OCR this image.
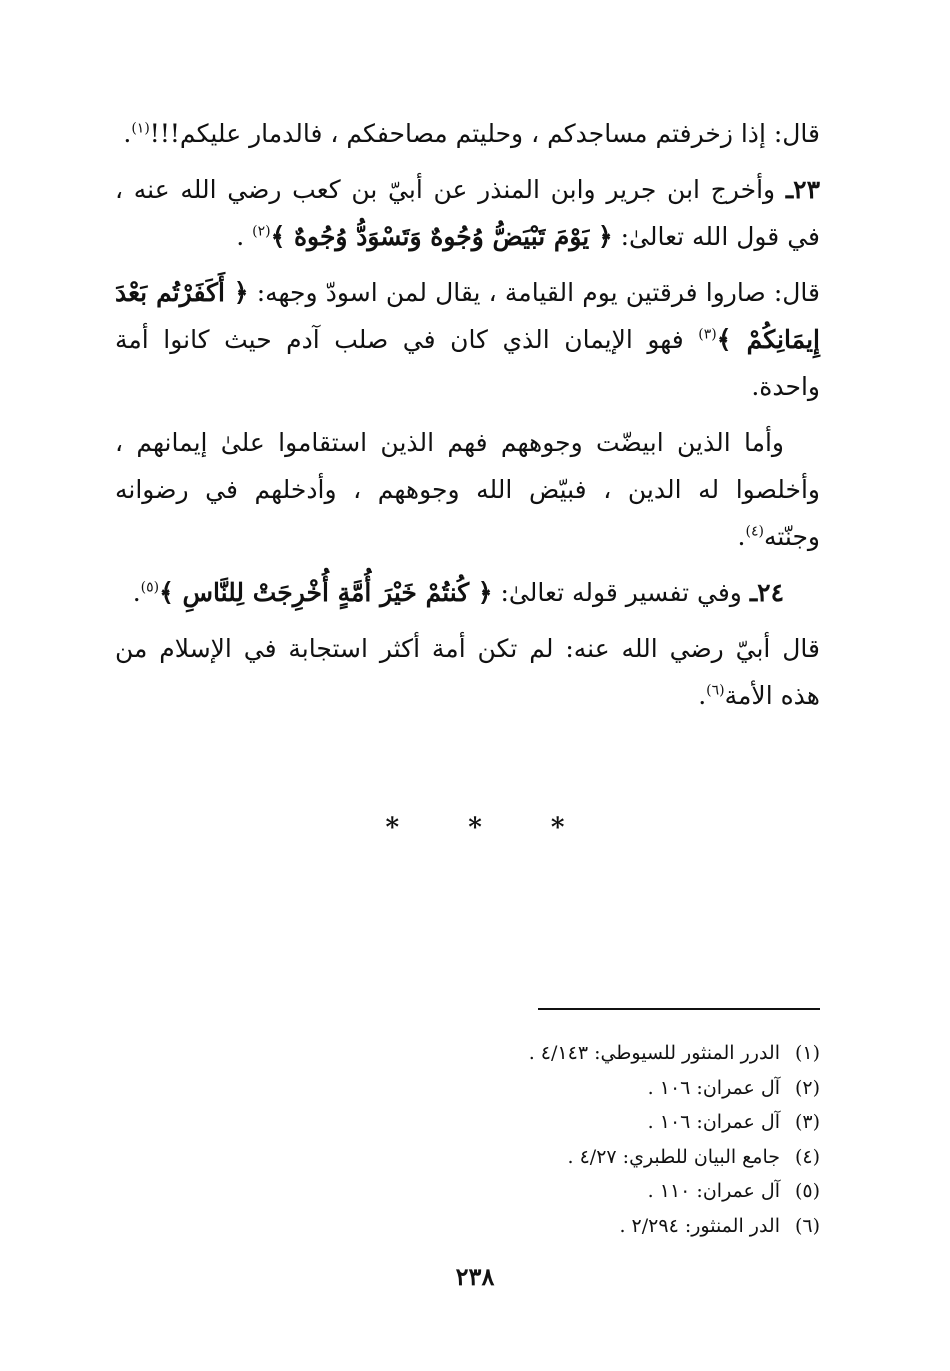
قال: إذا زخرفتم مساجدكم ، وحليتم مصاحفكم ، فالدمار عليكم!!!$^{(١)}$.

٢٣ـ وأخرج ابن جرير وابن المنذر عن أبيّ بن كعب رضي الله عنه ، في قول الله تعالىٰ: ﴿ يَوْمَ تَبْيَضُّ وُجُوهٌ وَتَسْوَدُّ وُجُوهٌ ﴾$^{(٢)}$ .

قال: صاروا فرقتين يوم القيامة ، يقال لمن اسودّ وجهه: ﴿ أَكَفَرْتُم بَعْدَ إِيمَانِكُمْ ﴾$^{(٣)}$ فهو الإيمان الذي كان في صلب آدم حيث كانوا أمة واحدة.

وأما الذين ابيضّت وجوههم فهم الذين استقاموا علىٰ إيمانهم ، وأخلصوا له الدين ، فبيّض الله وجوههم ، وأدخلهم في رضوانه وجنّته$^{(٤)}$.

٢٤ـ وفي تفسير قوله تعالىٰ: ﴿ كُنتُمْ خَيْرَ أُمَّةٍ أُخْرِجَتْ لِلنَّاسِ ﴾$^{(٥)}$.

قال أبيّ رضي الله عنه: لم تكن أمة أكثر استجابة في الإسلام من هذه الأمة$^{(٦)}$.

* * *
(١)
الدرر المنثور للسيوطي: ٤/١٤٣ .
(٢)
آل عمران: ١٠٦ .
(٣)
آل عمران: ١٠٦ .
(٤)
جامع البيان للطبري: ٤/٢٧ .
(٥)
آل عمران: ١١٠ .
(٦)
الدر المنثور: ٢/٢٩٤ .
٢٣٨
